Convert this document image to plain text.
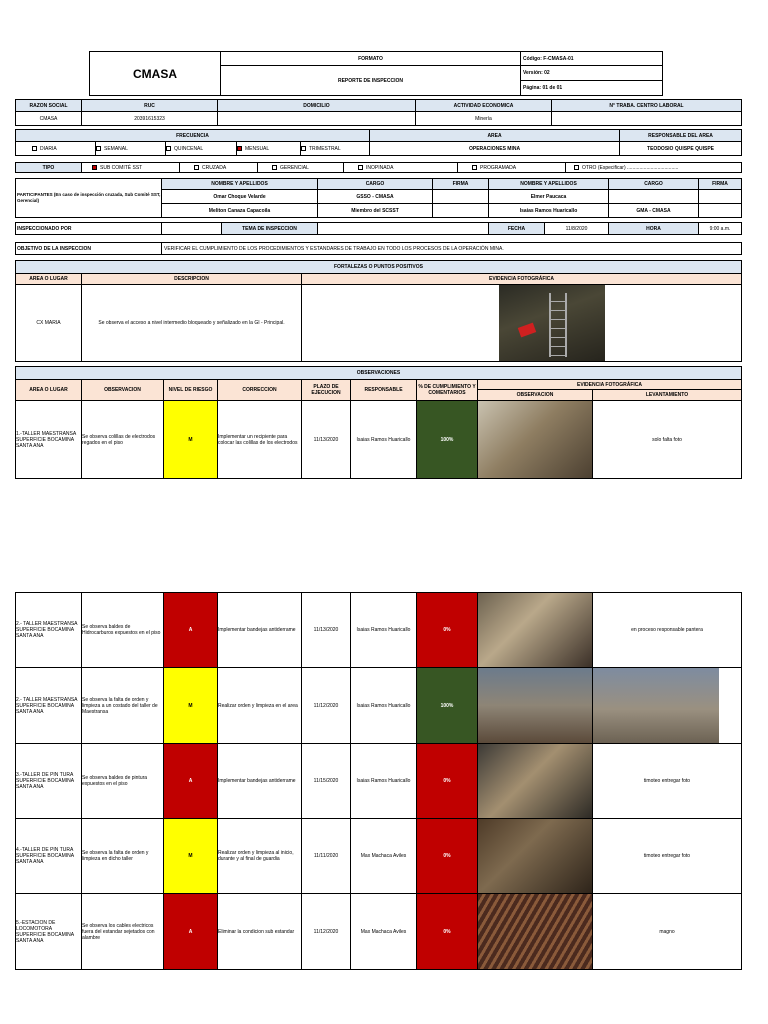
CMASA	FORMATO	Código: F-CMASA-01
	REPORTE DE INSPECCION	Versión: 02
		Página: 01 de 01
RAZON SOCIAL	RUC	DOMICILIO	ACTIVIDAD ECONOMICA	N° TRABA. CENTRO LABORAL
CMASA	20391615323		Minería	
FRECUENCIA					AREA	RESPONSABLE DEL AREA
DIARIA	SEMANAL	QUINCENAL	MENSUAL	TRIMESTRAL	OPERACIONES MINA	TEODOSIO QUISPE QUISPE
TIPO	SUB COMITÉ SST	CRUZADA	GERENCIAL	INOPINADA	PROGRAMADA	OTRO (Especificar) .....................................
PARTICIPANTES (En caso de inspección cruzada, Sub Comité SST, Gerencial)	NOMBRE Y APELLIDOS	CARGO	FIRMA	NOMBRE Y APELLIDOS	CARGO	FIRMA
	Omar Choque Velarde	GSSO - CMASA		Elmer Paucaca		
	Meliton Canaza Capacoila	Miembro del SCSST		Isaias Ramos Huaricallo	GMA - CMASA	
INSPECCIONADO POR		TEMA DE INSPECCION		FECHA	11/8/2020	HORA	9:00 a.m.
OBJETIVO DE LA INSPECCION	VERIFICAR EL CUMPLIMIENTO DE LOS PROCEDIMIENTOS Y ESTANDARES DE TRABAJO EN TODO LOS PROCESOS DE LA OPERACIÓN MINA.
FORTALEZAS O PUNTOS POSITIVOS		
AREA O LUGAR	DESCRIPCION	EVIDENCIA FOTOGRÁFICA
CX MARIA	Se observa el acceso a nivel intermedio bloqueado y señalizado en la GI - Principal.	
OBSERVACIONES								
AREA O LUGAR	OBSERVACION	NIVEL DE RIESGO	CORRECCION	PLAZO DE EJECUCION	RESPONSABLE	% DE CUMPLIMIENTO Y COMENTARIOS	EVIDENCIA FOTOGRÁFICA	
							OBSERVACION	LEVANTAMIENTO
1.-TALLER MAESTRANSA SUPERFICIE BOCAMINA SANTA ANA	Se observa colillas de electrodos regados en el piso	M	Implementar un recipiente para colocar las colillas de los electrodos	11/13/2020	Isaias Ramos Huaricallo	100%		solo falta foto
2.- TALLER MAESTRANSA SUPERFICIE BOCAMINA SANTA ANA	Se observa baldes de Hidrocarburos expuestos en el piso	A	Implementar bandejas antiderrame	11/13/2020	Isaias Ramos Huaricallo	0%		en proceso responsable pantera
2.- TALLER MAESTRANSA SUPERFICIE BOCAMINA SANTA ANA	Se observa la falta de orden y limpieza a un costado del taller de Maestransa	M	Realizar orden y limpieza en el area	11/12/2020	Isaias Ramos Huaricallo	100%	

3.-TALLER DE PIN TURA SUPERFICIE BOCAMINA SANTA ANA	Se observa baldes de pintura expuestos en el piso	A	Implementar bandejas antiderrame	11/15/2020	Isaias Ramos Huaricallo	0%		timoteo entregar foto
4.-TALLER DE PIN TURA SUPERFICIE BOCAMINA SANTA ANA	Se observa la falta de orden y limpieza en dicho taller	M	Realizar orden y limpieza al inicio, durante y al final de guardia	11/11/2020	Max Machaca Aviles	0%		timoteo entregar foto
5.-ESTACION DE LOCOMOTORA SUPERFICIE BOCAMINA SANTA ANA	Se observa los cables electricos fuera del estandar sejetados con alambre	A	Eliminar la condicion sub estandar	11/12/2020	Max Machaca Aviles	0%		magno
